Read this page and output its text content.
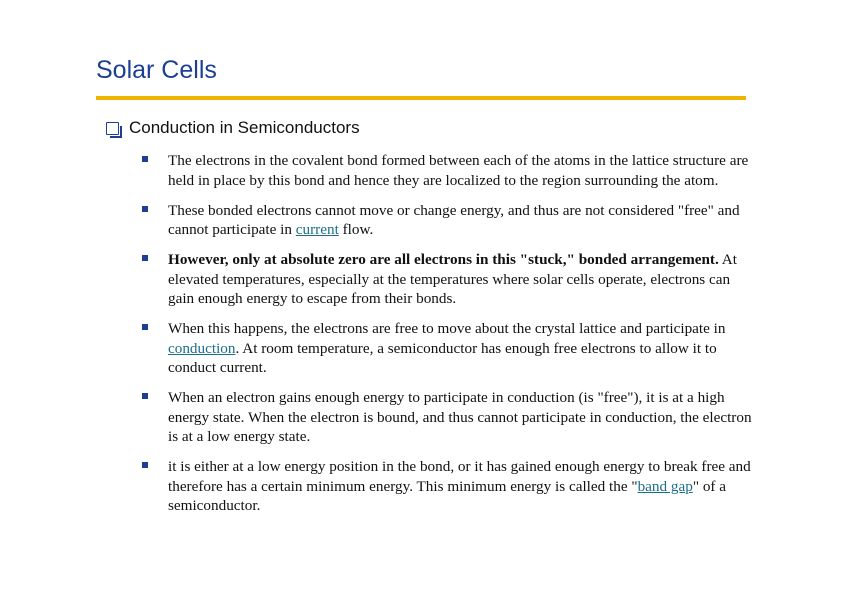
Solar Cells
Conduction in Semiconductors
The electrons in the covalent bond formed between each of the atoms in the lattice structure are held in place by this bond and hence they are localized to the region surrounding the atom.
These bonded electrons cannot move or change energy, and thus are not considered "free" and cannot participate in current flow.
However, only at absolute zero are all electrons in this "stuck," bonded arrangement. At elevated temperatures, especially at the temperatures where solar cells operate, electrons can gain enough energy to escape from their bonds.
When this happens, the electrons are free to move about the crystal lattice and participate in conduction. At room temperature, a semiconductor has enough free electrons to allow it to conduct current.
When an electron gains enough energy to participate in conduction (is "free"), it is at a high energy state. When the electron is bound, and thus cannot participate in conduction, the electron is at a low energy state.
it is either at a low energy position in the bond, or it has gained enough energy to break free and therefore has a certain minimum energy. This minimum energy is called the "band gap" of a semiconductor.
